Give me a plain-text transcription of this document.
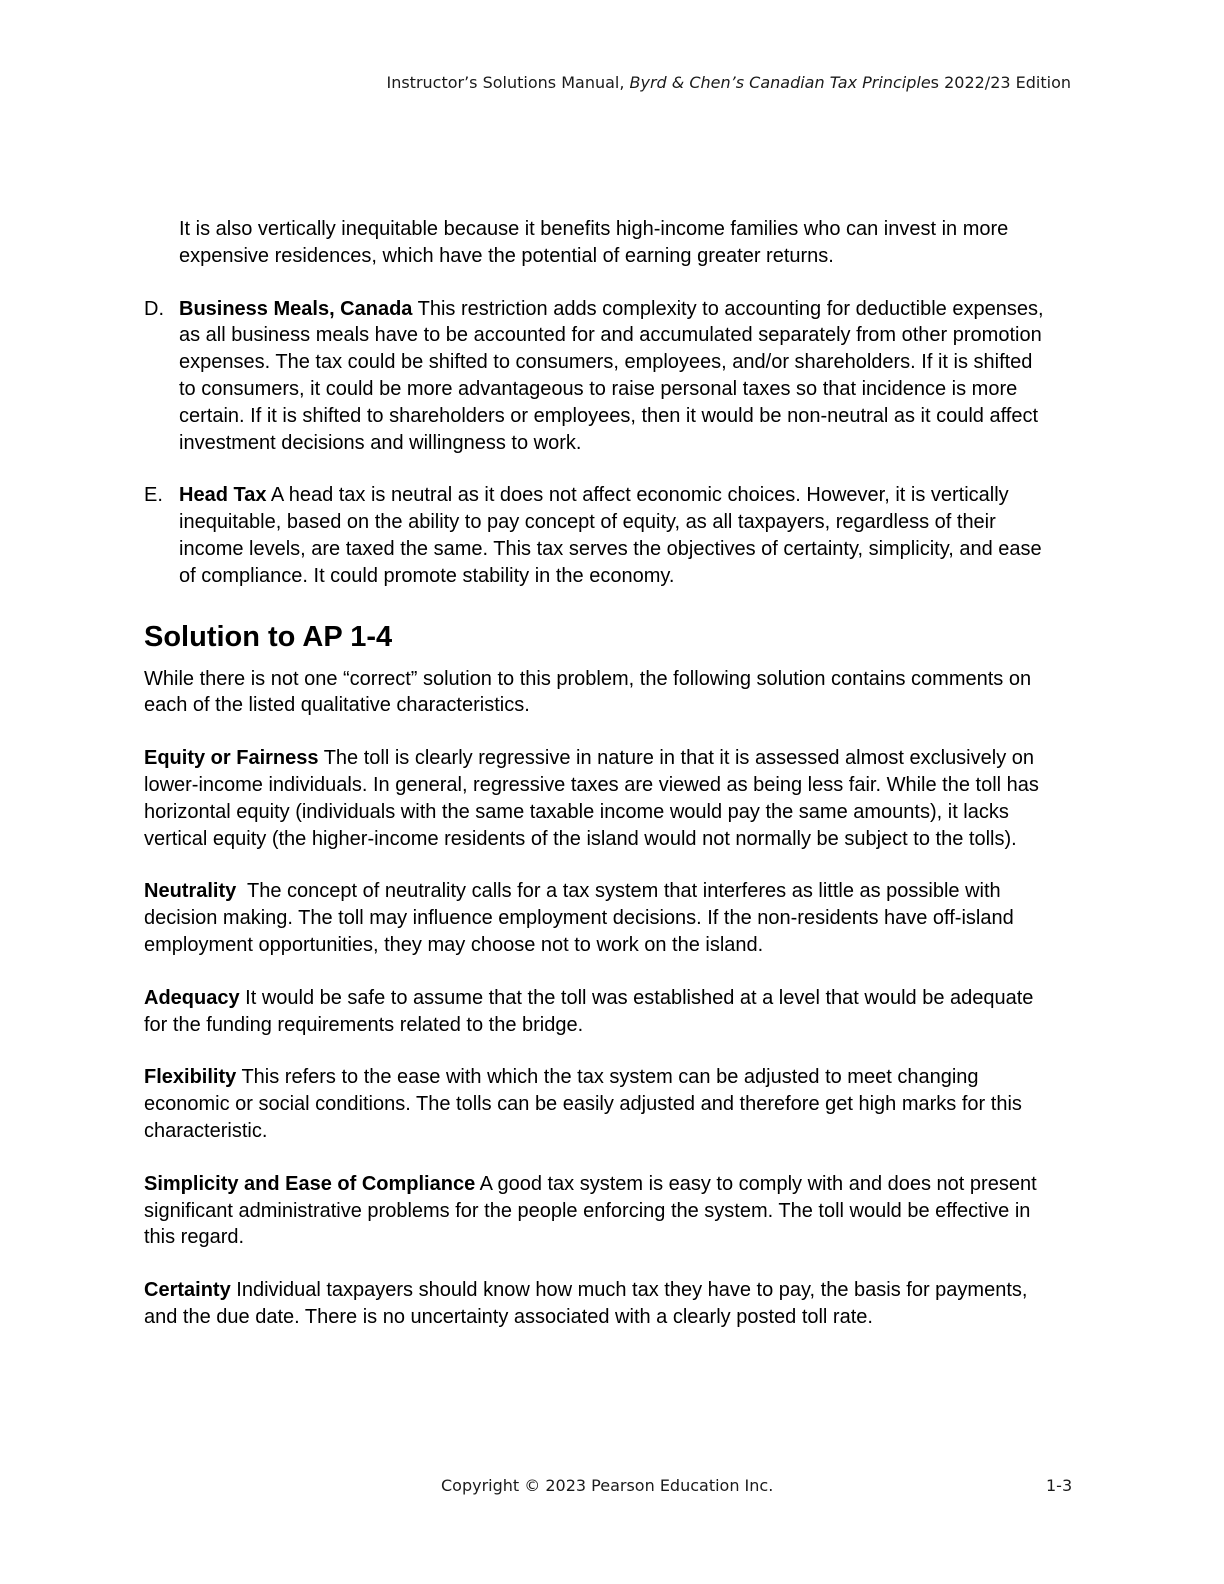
Instructor’s Solutions Manual, Byrd & Chen’s Canadian Tax Principles 2022/23 Edition

It is also vertically inequitable because it benefits high-income families who can invest in more expensive residences, which have the potential of earning greater returns.

D. Business Meals, Canada This restriction adds complexity to accounting for deductible expenses, as all business meals have to be accounted for and accumulated separately from other promotion expenses. The tax could be shifted to consumers, employees, and/or shareholders. If it is shifted to consumers, it could be more advantageous to raise personal taxes so that incidence is more certain. If it is shifted to shareholders or employees, then it would be non-neutral as it could affect investment decisions and willingness to work.
E. Head Tax A head tax is neutral as it does not affect economic choices. However, it is vertically inequitable, based on the ability to pay concept of equity, as all taxpayers, regardless of their income levels, are taxed the same. This tax serves the objectives of certainty, simplicity, and ease of compliance. It could promote stability in the economy.
Solution to AP 1-4

While there is not one “correct” solution to this problem, the following solution contains comments on each of the listed qualitative characteristics.

Equity or Fairness The toll is clearly regressive in nature in that it is assessed almost exclusively on lower-income individuals. In general, regressive taxes are viewed as being less fair. While the toll has horizontal equity (individuals with the same taxable income would pay the same amounts), it lacks vertical equity (the higher-income residents of the island would not normally be subject to the tolls).

Neutrality  The concept of neutrality calls for a tax system that interferes as little as possible with decision making. The toll may influence employment decisions. If the non-residents have off-island employment opportunities, they may choose not to work on the island.

Adequacy It would be safe to assume that the toll was established at a level that would be adequate for the funding requirements related to the bridge.

Flexibility This refers to the ease with which the tax system can be adjusted to meet changing economic or social conditions. The tolls can be easily adjusted and therefore get high marks for this characteristic.

Simplicity and Ease of Compliance A good tax system is easy to comply with and does not present significant administrative problems for the people enforcing the system. The toll would be effective in this regard.

Certainty Individual taxpayers should know how much tax they have to pay, the basis for payments, and the due date. There is no uncertainty associated with a clearly posted toll rate.

Copyright © 2023 Pearson Education Inc.	1-3
